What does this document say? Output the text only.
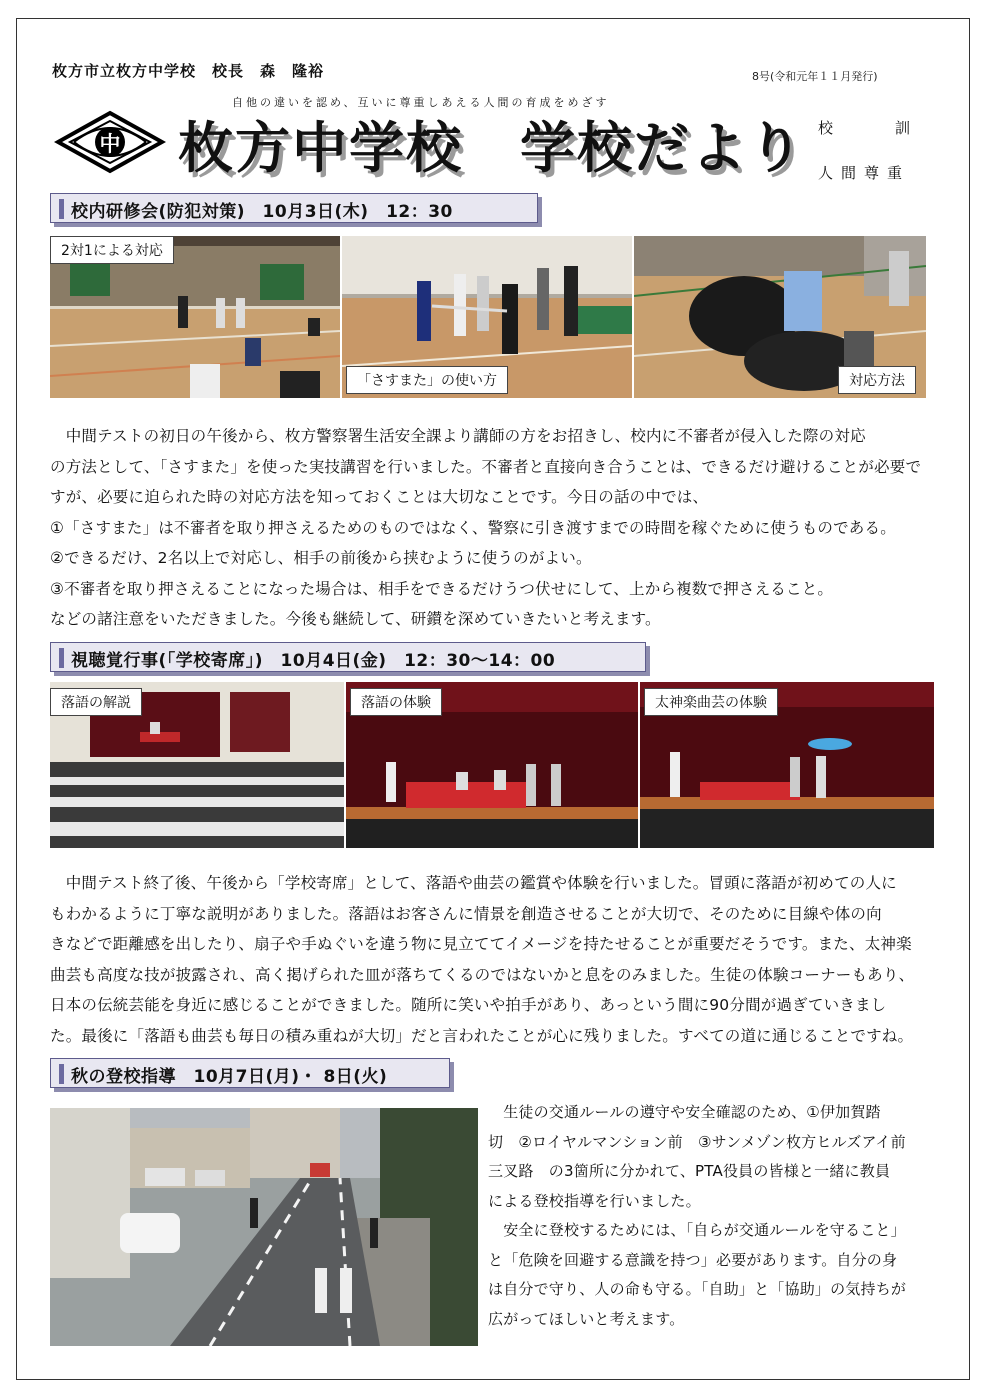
枚方市立枚方中学校　校長　森　隆裕	8号(令和元年１１月発行)
自他の違いを認め、互いに尊重しあえる人間の育成をめざす
中 枚方中学校　学校だより 校訓
人間尊重
校内研修会(防犯対策)　10月3日(木)　12：30
2対1による対応
「さすまた」の使い方	対応方法

　中間テストの初日の午後から、枚方警察署生活安全課より講師の方をお招きし、校内に不審者が侵入した際の対応

の方法として、「さすまた」を使った実技講習を行いました。不審者と直接向き合うことは、できるだけ避けることが必要で

すが、必要に迫られた時の対応方法を知っておくことは大切なことです。今日の話の中では、

①「さすまた」は不審者を取り押さえるためのものではなく、警察に引き渡すまでの時間を稼ぐために使うものである。

②できるだけ、2名以上で対応し、相手の前後から挟むように使うのがよい。

③不審者を取り押さえることになった場合は、相手をできるだけうつ伏せにして、上から複数で押さえること。

などの諸注意をいただきました。今後も継続して、研鑚を深めていきたいと考えます。

視聴覚行事(「学校寄席」)　10月4日(金)　12：30～14：00
落語の解説	落語の体験	太神楽曲芸の体験

　中間テスト終了後、午後から「学校寄席」として、落語や曲芸の鑑賞や体験を行いました。冒頭に落語が初めての人に

もわかるように丁寧な説明がありました。落語はお客さんに情景を創造させることが大切で、そのために目線や体の向

きなどで距離感を出したり、扇子や手ぬぐいを違う物に見立ててイメージを持たせることが重要だそうです。また、太神楽

曲芸も高度な技が披露され、高く掲げられた皿が落ちてくるのではないかと息をのみました。生徒の体験コーナーもあり、

日本の伝統芸能を身近に感じることができました。随所に笑いや拍手があり、あっという間に90分間が過ぎていきまし

た。最後に「落語も曲芸も毎日の積み重ねが大切」だと言われたことが心に残りました。すべての道に通じることですね。

秋の登校指導　10月7日(月)・ 8日(火)

　生徒の交通ルールの遵守や安全確認のため、①伊加賀踏

切　②ロイヤルマンション前　③サンメゾン枚方ヒルズアイ前

三叉路　の3箇所に分かれて、PTA役員の皆様と一緒に教員

による登校指導を行いました。

　安全に登校するためには、「自らが交通ルールを守ること」

と「危険を回避する意識を持つ」必要があります。自分の身

は自分で守り、人の命も守る。「自助」と「協助」の気持ちが

広がってほしいと考えます。
